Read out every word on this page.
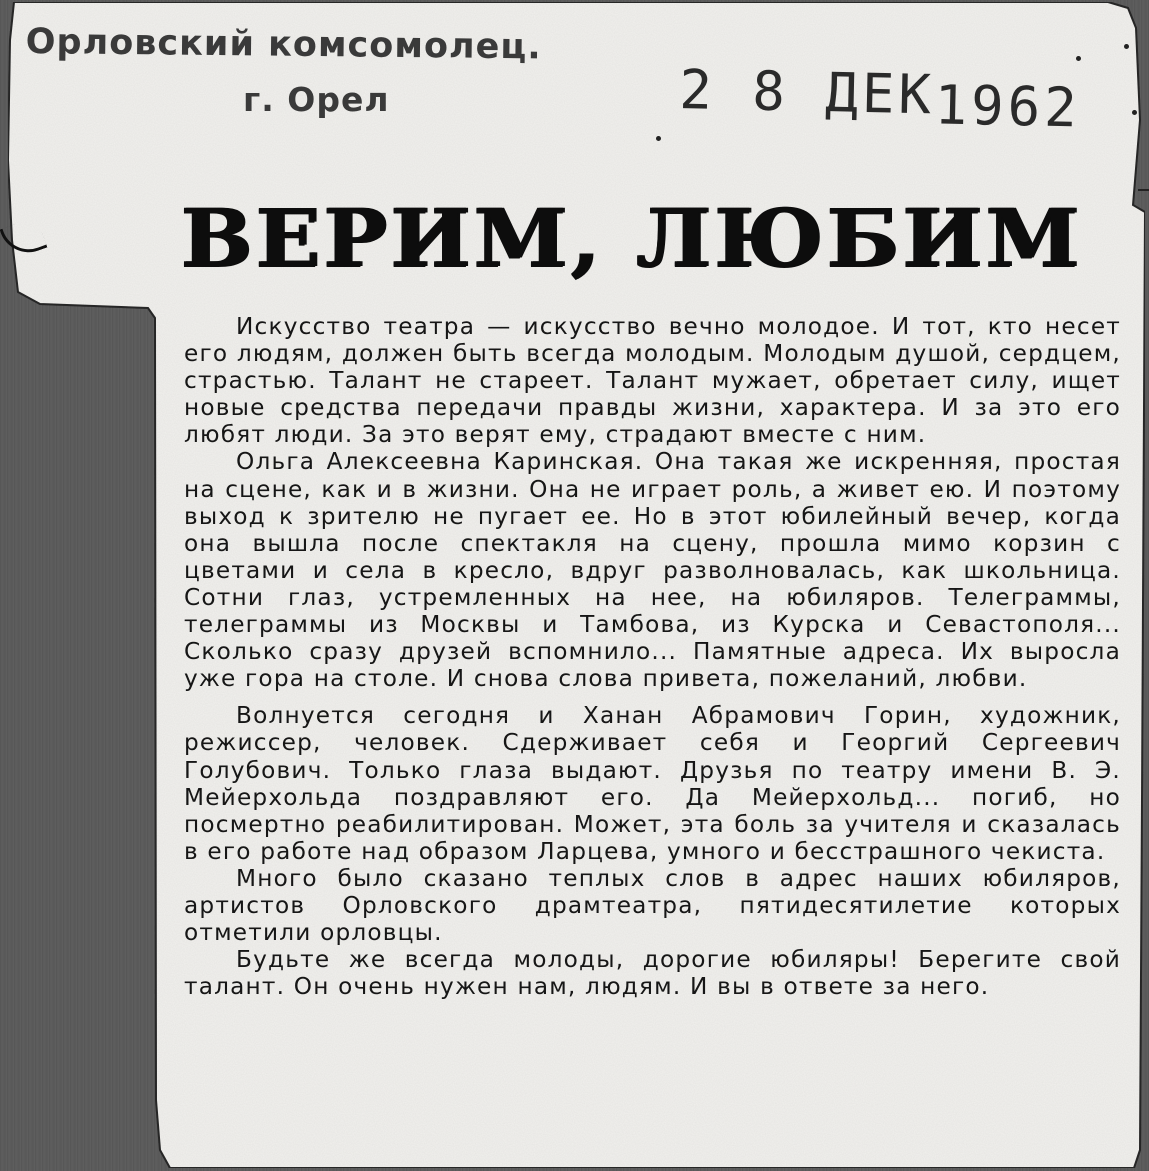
Орловский комсомолец.
г. Орел	2 8 ДЕК1962
ВЕРИМ, ЛЮБИМ

Искусство театра — искусство вечно молодое. И тот, кто несет его людям, должен быть всегда молодым. Молодым душой, сердцем, страстью. Талант не стареет. Талант мужает, обретает силу, ищет новые средства передачи правды жизни, характера. И за это его любят люди. За это верят ему, страдают вместе с ним.

Ольга Алексеевна Каринская. Она такая же искренняя, простая на сцене, как и в жизни. Она не играет роль, а живет ею. И поэтому выход к зрителю не пугает ее. Но в этот юбилейный вечер, когда она вышла после спектакля на сцену, прошла мимо корзин с цветами и села в кресло, вдруг разволновалась, как школьница. Сотни глаз, устремленных на нее, на юбиляров. Телеграммы, телеграммы из Москвы и Тамбова, из Курска и Севастополя... Сколько сразу друзей вспомнило... Памятные адреса. Их выросла уже гора на столе. И снова слова привета, пожеланий, любви.

Волнуется сегодня и Ханан Абрамович Горин, художник, режиссер, человек. Сдерживает себя и Георгий Сергеевич Голубович. Только глаза выдают. Друзья по театру имени В. Э. Мейерхольда поздравляют его. Да Мейерхольд... погиб, но посмертно реабилитирован. Может, эта боль за учителя и сказалась в его работе над образом Ларцева, умного и бесстрашного чекиста.

Много было сказано теплых слов в адрес наших юбиляров, артистов Орловского драмтеатра, пятидесятилетие которых отметили орловцы.

Будьте же всегда молоды, дорогие юбиляры! Берегите свой талант. Он очень нужен нам, людям. И вы в ответе за него.
